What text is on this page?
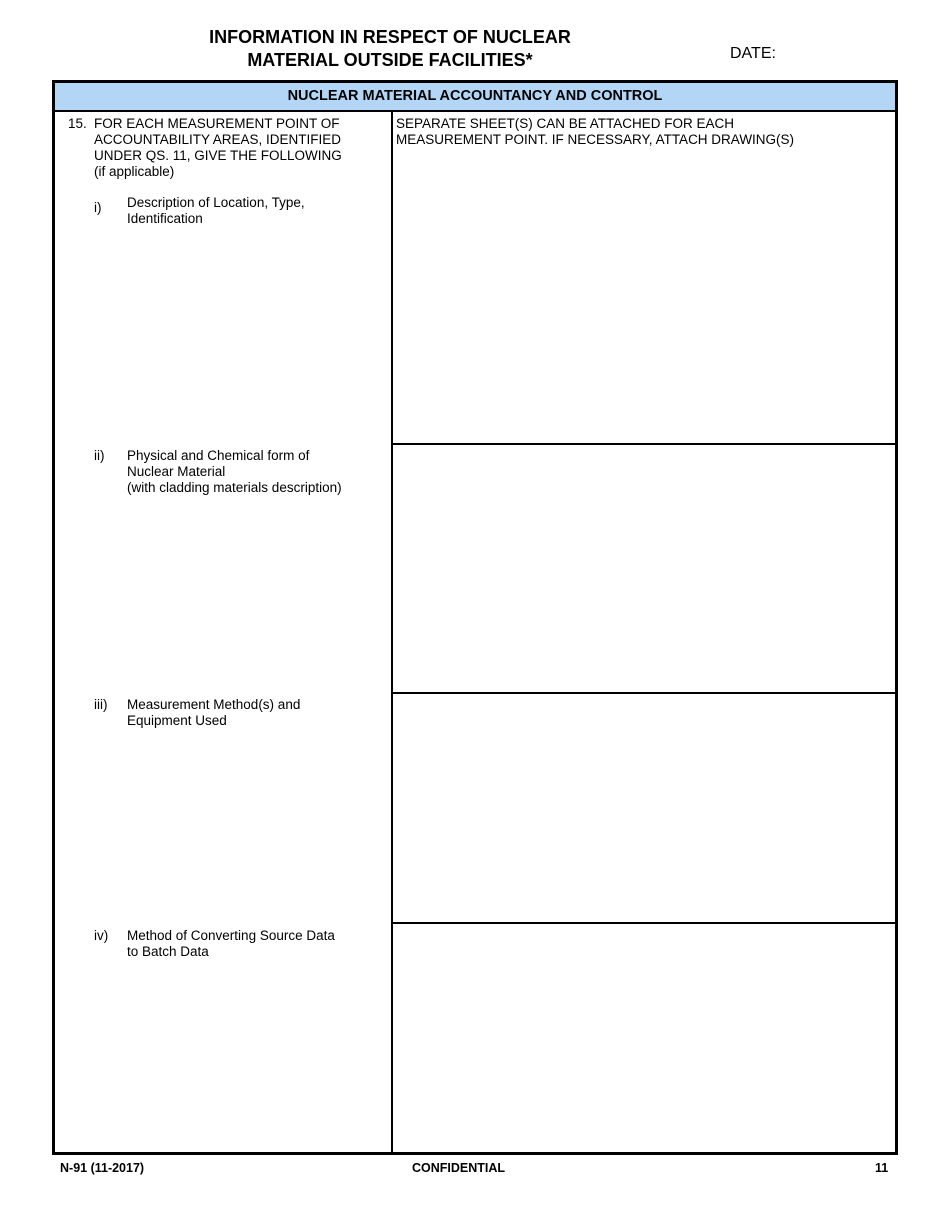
INFORMATION IN RESPECT OF NUCLEAR
MATERIAL OUTSIDE FACILITIES*	DATE:
NUCLEAR MATERIAL ACCOUNTANCY AND CONTROL
15. FOR EACH MEASUREMENT POINT OF
ACCOUNTABILITY AREAS, IDENTIFIED
UNDER QS. 11, GIVE THE FOLLOWING
(if applicable)
SEPARATE SHEET(S) CAN BE ATTACHED FOR EACH
MEASUREMENT POINT. IF NECESSARY, ATTACH DRAWING(S)
i) Description of Location, Type,
Identification
ii) Physical and Chemical form of
Nuclear Material
(with cladding materials description)
iii) Measurement Method(s) and
Equipment Used
iv) Method of Converting Source Data
to Batch Data
N-91 (11-2017)	CONFIDENTIAL	11
